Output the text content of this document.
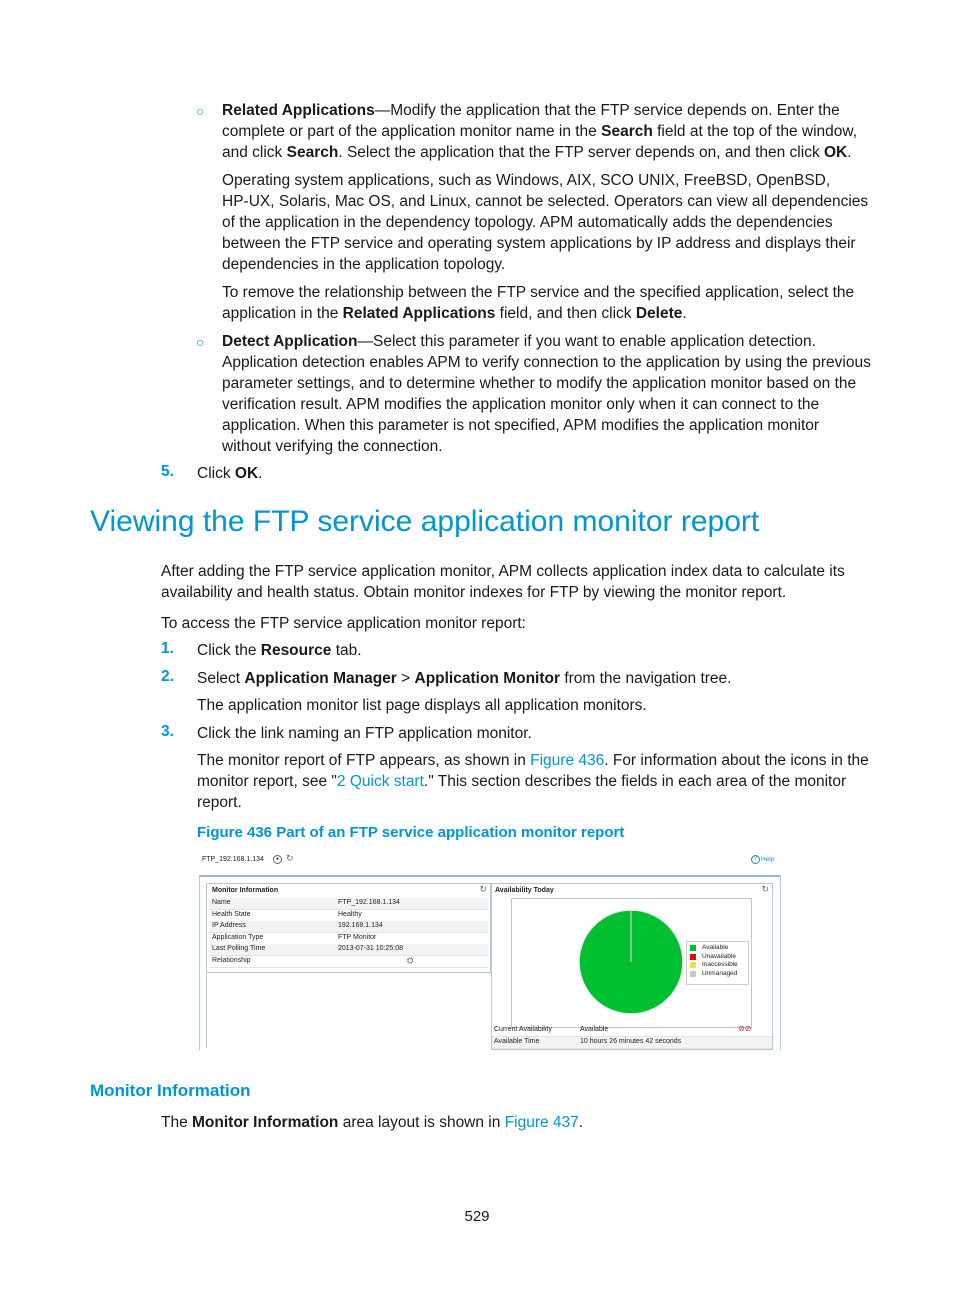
○ Related Applications—Modify the application that the FTP service depends on. Enter the
complete or part of the application monitor name in the Search field at the top of the window,
and click Search. Select the application that the FTP server depends on, and then click OK.
Operating system applications, such as Windows, AIX, SCO UNIX, FreeBSD, OpenBSD,
HP-UX, Solaris, Mac OS, and Linux, cannot be selected. Operators can view all dependencies
of the application in the dependency topology. APM automatically adds the dependencies
between the FTP service and operating system applications by IP address and displays their
dependencies in the application topology.
To remove the relationship between the FTP service and the specified application, select the
application in the Related Applications field, and then click Delete.
○ Detect Application—Select this parameter if you want to enable application detection.
Application detection enables APM to verify connection to the application by using the previous
parameter settings, and to determine whether to modify the application monitor based on the
verification result. APM modifies the application monitor only when it can connect to the
application. When this parameter is not specified, APM modifies the application monitor
without verifying the connection.
5. Click OK.
Viewing the FTP service application monitor report
After adding the FTP service application monitor, APM collects application index data to calculate its
availability and health status. Obtain monitor indexes for FTP by viewing the monitor report.
To access the FTP service application monitor report:
1. Click the Resource tab.
2. Select Application Manager > Application Monitor from the navigation tree.
The application monitor list page displays all application monitors.
3. Click the link naming an FTP application monitor.
The monitor report of FTP appears, as shown in Figure 436. For information about the icons in the
monitor report, see "2 Quick start." This section describes the fields in each area of the monitor
report.
Figure 436 Part of an FTP service application monitor report
FTP_192.168.1.134	● ↻	? Help
Monitor Information	↻
Name	FTP_192.168.1.134
Health State	Healthy
IP Address	192.168.1.134
Application Type	FTP Monitor
Last Polling Time	2013-07-31 10:25:08
Relationship	⛭
Availability Today	↻
Available
Unavailable
Inaccessible
Unmanaged
Current Availability	Available	⊘⊘
Available Time	10 hours 26 minutes 42 seconds
Monitor Information
The Monitor Information area layout is shown in Figure 437.
529
